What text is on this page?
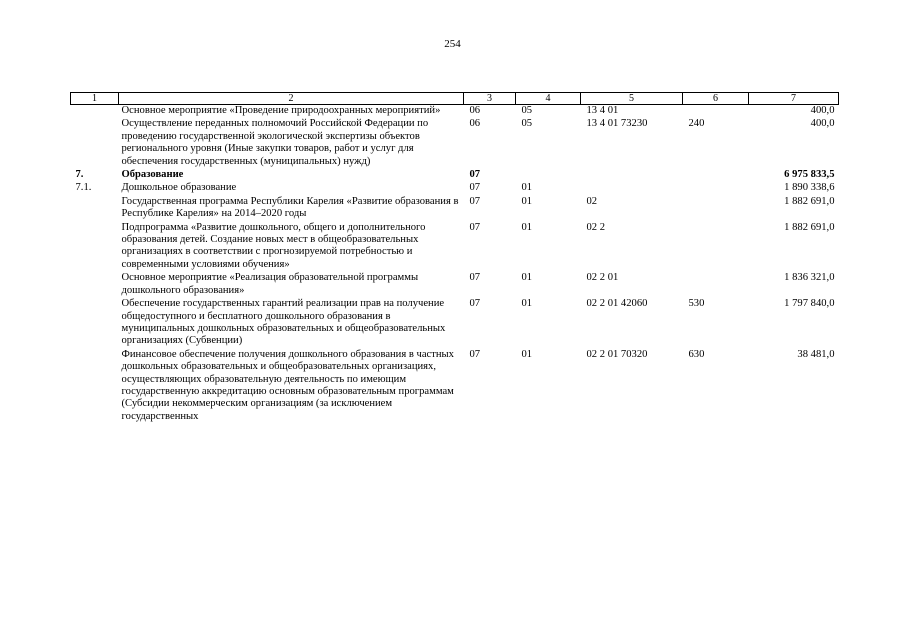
254
1	2	3	4	5	6	7
	Основное мероприятие «Проведение природоохранных мероприятий»	06	05	13 4 01		400,0
	Осуществление переданных полномочий Российской Федерации по проведению государственной экологической экспертизы объектов регионального уровня (Иные закупки товаров, работ и услуг для обеспечения государственных (муниципальных) нужд)	06	05	13 4 01 73230	240	400,0
7.	Образование	07				6 975 833,5
7.1.	Дошкольное образование	07	01			1 890 338,6
	Государственная программа Республики Карелия «Развитие образования в Республике Карелия» на 2014–2020 годы	07	01	02		1 882 691,0
	Подпрограмма «Развитие дошкольного, общего и дополнительного образования детей. Создание новых мест в общеобразовательных организациях в соответствии с прогнозируемой потребностью и современными условиями обучения»	07	01	02 2		1 882 691,0
	Основное мероприятие «Реализация образовательной программы дошкольного образования»	07	01	02 2 01		1 836 321,0
	Обеспечение государственных гарантий реализации прав на получение общедоступного и бесплатного дошкольного образования в муниципальных дошкольных образовательных и общеобразовательных организациях (Субвенции)	07	01	02 2 01 42060	530	1 797 840,0
	Финансовое обеспечение получения дошкольного образования в частных дошкольных образовательных и общеобразовательных организациях, осуществляющих образовательную деятельность по имеющим государственную аккредитацию основным образовательным программам (Субсидии некоммерческим организациям (за исключением государственных	07	01	02 2 01 70320	630	38 481,0
